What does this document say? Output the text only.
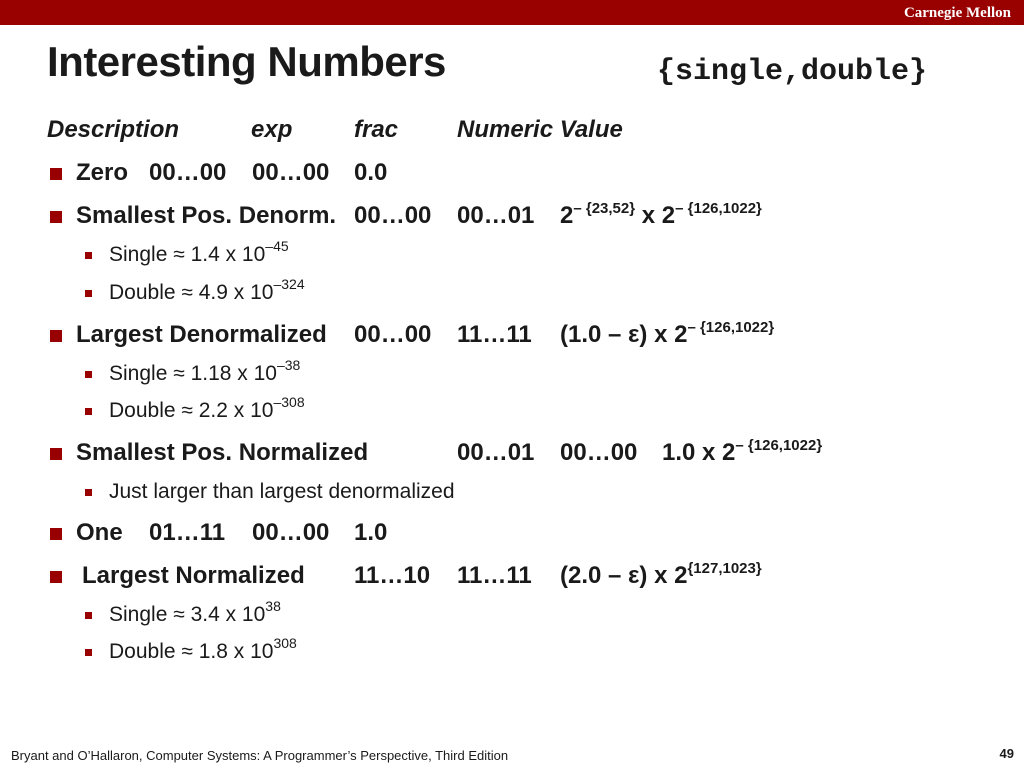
Carnegie Mellon
Interesting Numbers	{single,double}
Description	exp	frac Numeric Value
Zero 00…00 00…00 0.0
Smallest Pos. Denorm. 00…00 00…01 $2^{- \{23,52\}}$ x $2^{- \{126,1022\}}$
Single ≈ 1.4 x $10^{-45}$
Double ≈ 4.9 x $10^{-324}$
Largest Denormalized 00…00 11…11 (1.0 – ε) x $2^{- \{126,1022\}}$
Single ≈ 1.18 x $10^{-38}$
Double ≈ 2.2 x $10^{-308}$
Smallest Pos. Normalized	00…01 00…00 1.0 x $2^{- \{126,1022\}}$
Just larger than largest denormalized
One 01…11 00…00 1.0
Largest Normalized 11…10 11…11 (2.0 – ε) x $2^{\{127,1023\}}$
Single ≈ 3.4 x $10^{38}$
Double ≈ 1.8 x $10^{308}$
Bryant and O’Hallaron, Computer Systems: A Programmer’s Perspective, Third Edition	49
